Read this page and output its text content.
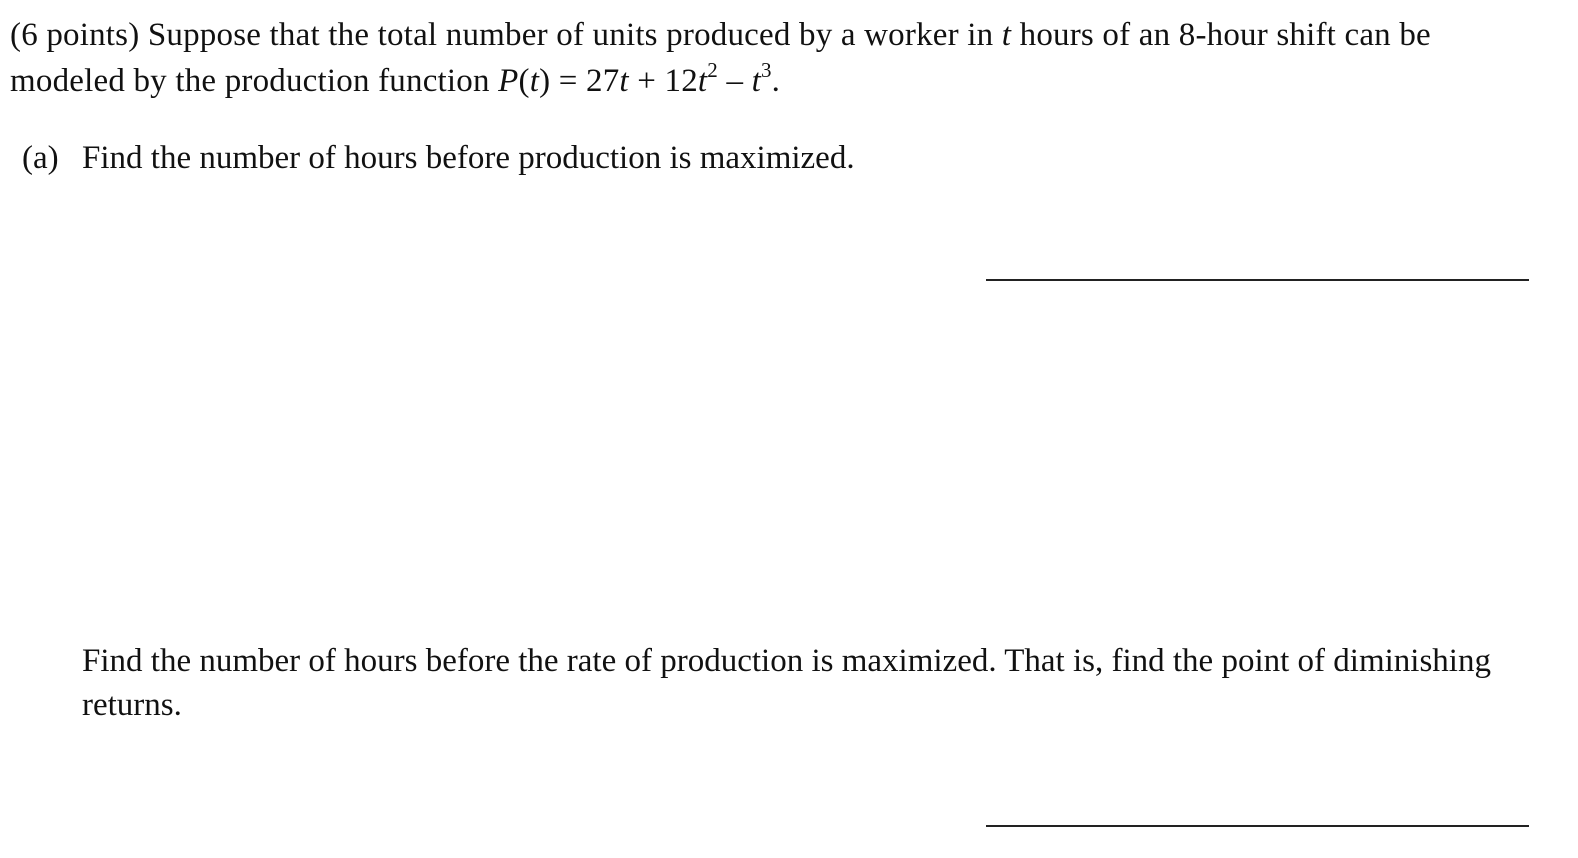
(6 points) Suppose that the total number of units produced by a worker in t hours of an 8-hour shift can be modeled by the production function $P(t) = 27t + 12t^2 - t^3$.
(a) Find the number of hours before production is maximized.
Find the number of hours before the rate of production is maximized. That is, find the point of diminishing returns.
